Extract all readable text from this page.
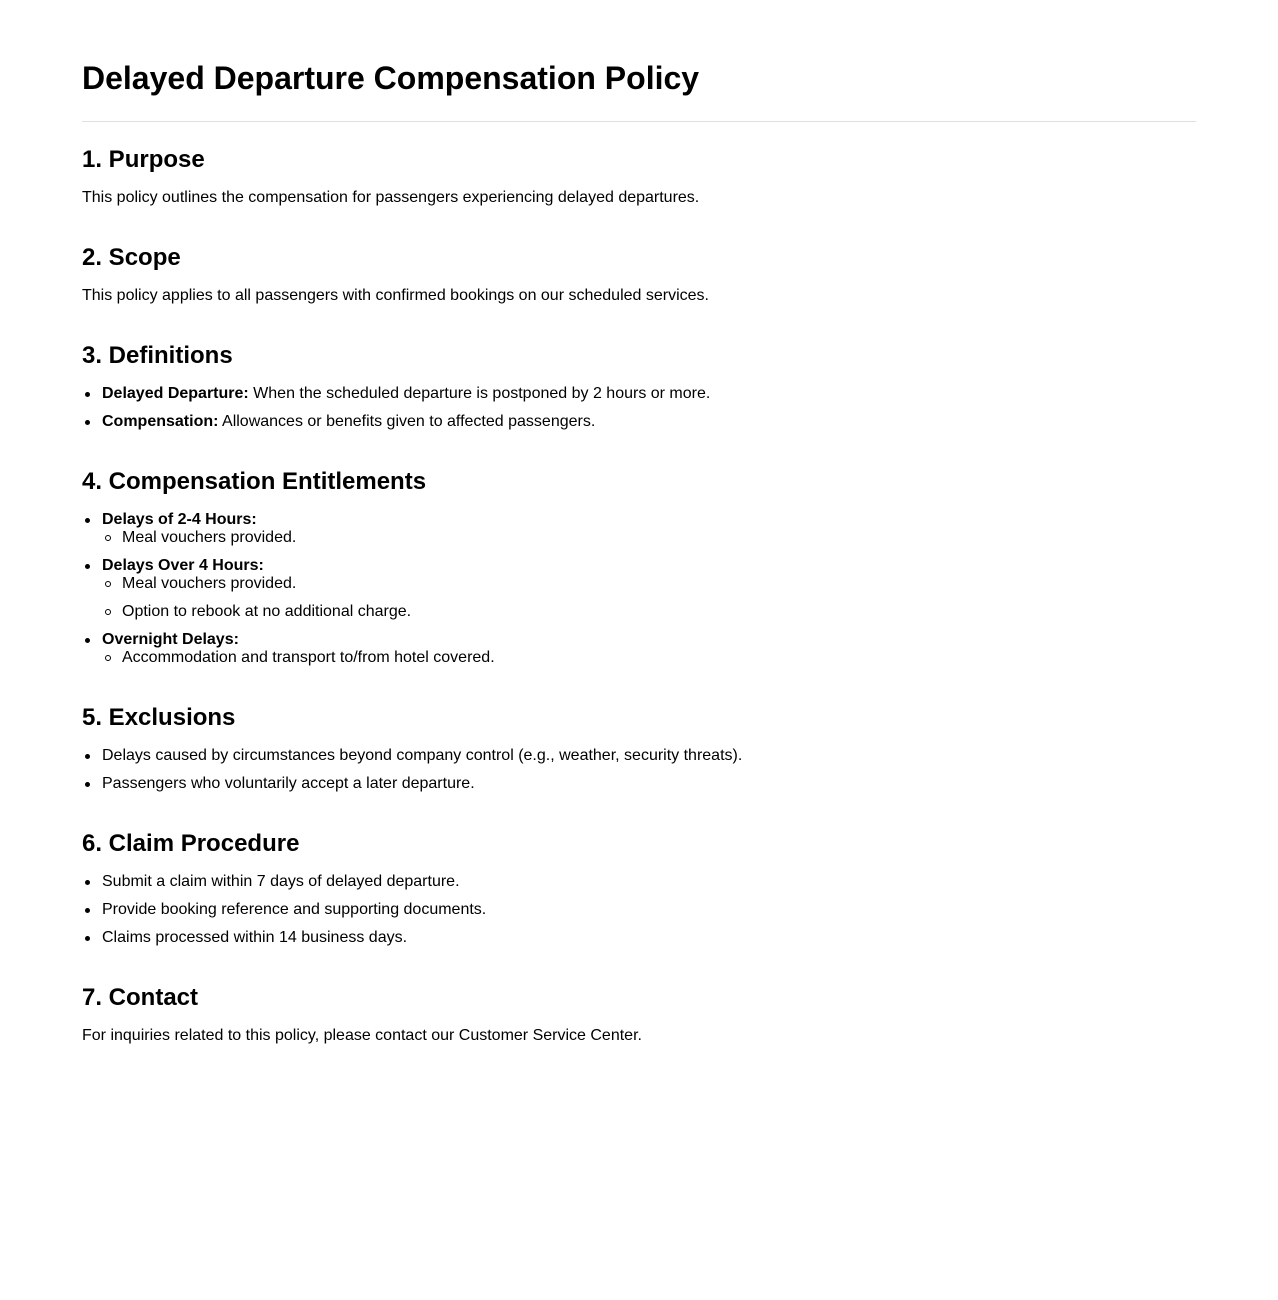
Delayed Departure Compensation Policy
1. Purpose

This policy outlines the compensation for passengers experiencing delayed departures.

2. Scope

This policy applies to all passengers with confirmed bookings on our scheduled services.

3. Definitions
Delayed Departure: When the scheduled departure is postponed by 2 hours or more.
Compensation: Allowances or benefits given to affected passengers.
4. Compensation Entitlements
Delays of 2-4 Hours:
Meal vouchers provided.
Delays Over 4 Hours:
Meal vouchers provided.
Option to rebook at no additional charge.
Overnight Delays:
Accommodation and transport to/from hotel covered.
5. Exclusions
Delays caused by circumstances beyond company control (e.g., weather, security threats).
Passengers who voluntarily accept a later departure.
6. Claim Procedure
Submit a claim within 7 days of delayed departure.
Provide booking reference and supporting documents.
Claims processed within 14 business days.
7. Contact

For inquiries related to this policy, please contact our Customer Service Center.
